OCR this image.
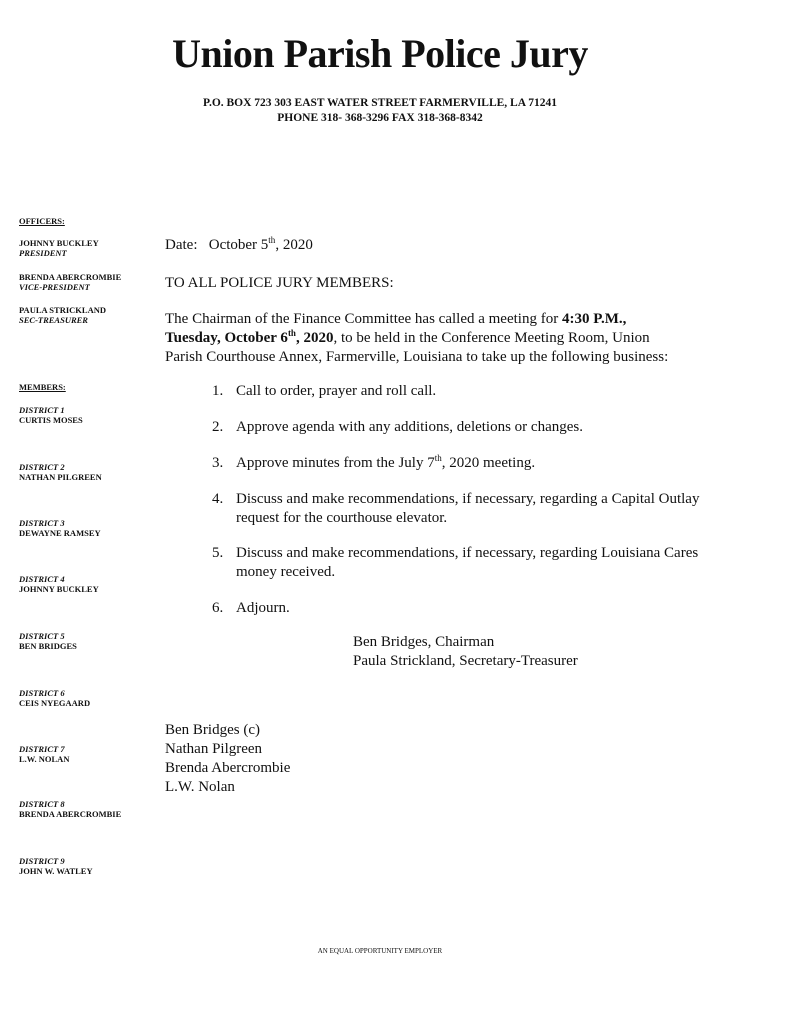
Union Parish Police Jury
P.O. BOX 723 303 EAST WATER STREET FARMERVILLE, LA 71241
PHONE 318- 368-3296 FAX 318-368-8342
OFFICERS:
JOHNNY BUCKLEY
PRESIDENT
BRENDA ABERCROMBIE
VICE-PRESIDENT
PAULA STRICKLAND
SEC-TREASURER
MEMBERS:
DISTRICT 1
CURTIS MOSES
DISTRICT 2
NATHAN PILGREEN
DISTRICT 3
DEWAYNE RAMSEY
DISTRICT 4
JOHNNY BUCKLEY
DISTRICT 5
BEN BRIDGES
DISTRICT 6
CEIS NYEGAARD
DISTRICT 7
L.W. NOLAN
DISTRICT 8
BRENDA ABERCROMBIE
DISTRICT 9
JOHN W. WATLEY
Date: October 5th, 2020
TO ALL POLICE JURY MEMBERS:
The Chairman of the Finance Committee has called a meeting for 4:30 P.M.,
Tuesday, October 6th, 2020, to be held in the Conference Meeting Room, Union
Parish Courthouse Annex, Farmerville, Louisiana to take up the following business:
1. Call to order, prayer and roll call.
2. Approve agenda with any additions, deletions or changes.
3. Approve minutes from the July 7th, 2020 meeting.
4. Discuss and make recommendations, if necessary, regarding a Capital Outlay request for the courthouse elevator.
5. Discuss and make recommendations, if necessary, regarding Louisiana Cares money received.
6. Adjourn.
Ben Bridges, Chairman
Paula Strickland, Secretary-Treasurer
Ben Bridges (c)
Nathan Pilgreen
Brenda Abercrombie
L.W. Nolan
AN EQUAL OPPORTUNITY EMPLOYER
